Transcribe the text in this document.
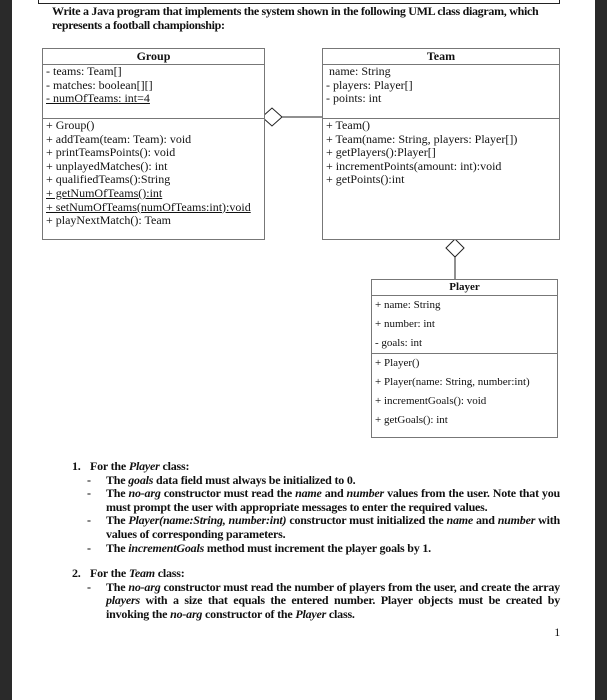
Write a Java program that implements the system shown in the following UML class diagram, which represents a football championship:
Group
- teams: Team[]
- matches: boolean[][]
- numOfTeams: int=4
+ Group()
+ addTeam(team: Team): void
+ printTeamsPoints(): void
+ unplayedMatches(): int
+ qualifiedTeams():String
+ getNumOfTeams():int
+ setNumOfTeams(numOfTeams:int):void
+ playNextMatch(): Team
Team
name: String
- players: Player[]
- points: int
+ Team()
+ Team(name: String, players: Player[])
+ getPlayers():Player[]
+ incrementPoints(amount: int):void
+ getPoints():int
Player
+ name: String
+ number: int
- goals: int
+ Player()
+ Player(name: String, number:int)
+ incrementGoals(): void
+ getGoals(): int
1. For the Player class:
- The goals data field must always be initialized to 0.
- The no-arg constructor must read the name and number values from the user. Note that you must prompt the user with appropriate messages to enter the required values.
- The Player(name:String, number:int) constructor must initialized the name and number with values of corresponding parameters.
- The incrementGoals method must increment the player goals by 1.
2. For the Team class:
- The no-arg constructor must read the number of players from the user, and create the array players with a size that equals the entered number. Player objects must be created by invoking the no-arg constructor of the Player class.
1
